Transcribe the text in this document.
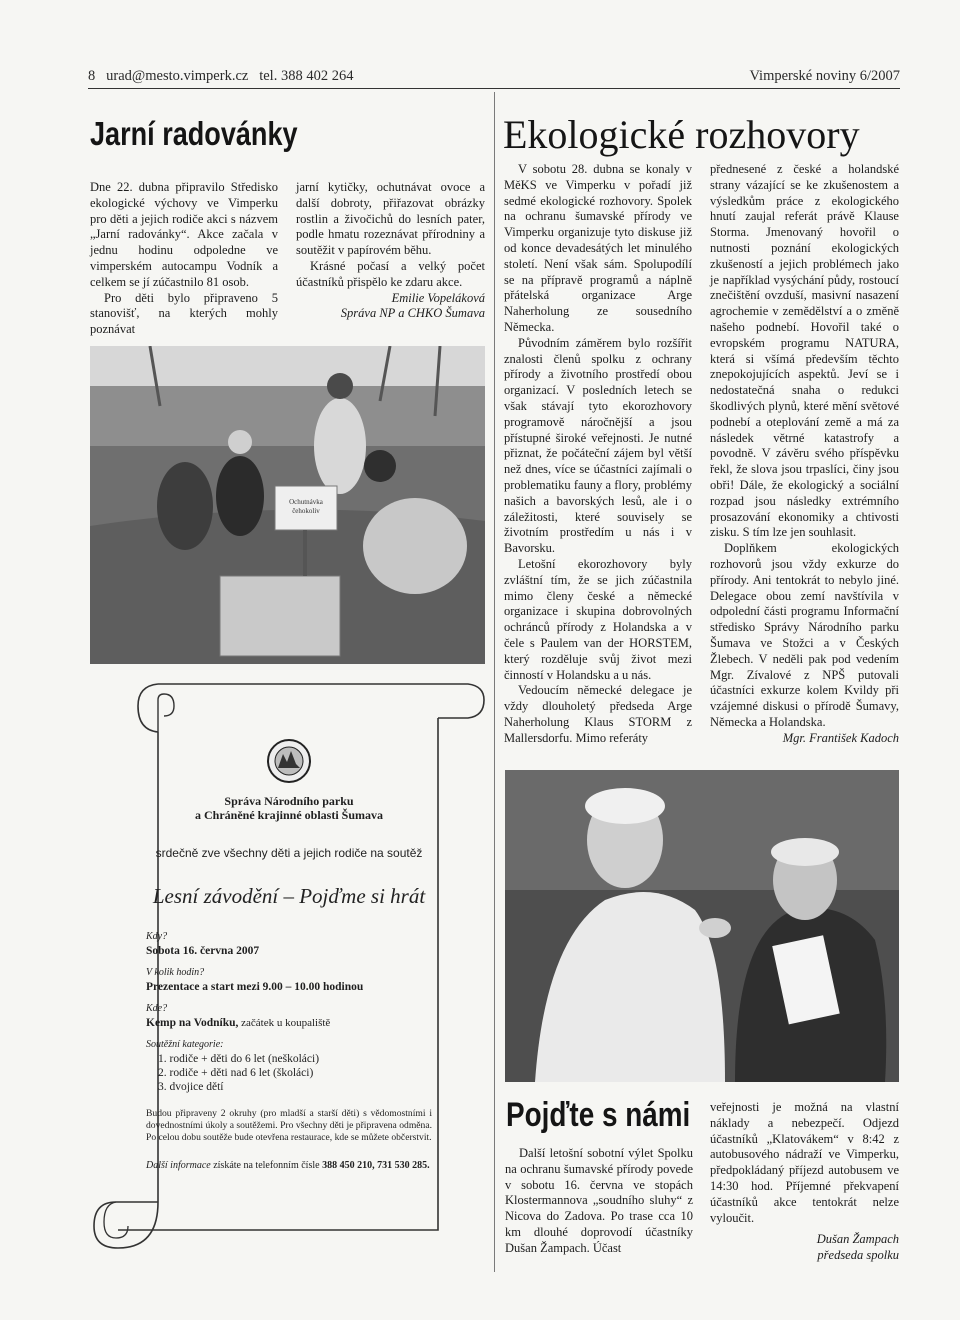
8   urad@mesto.vimperk.cz   tel. 388 402 264	Vimperské noviny 6/2007
Jarní radovánky

Dne 22. dubna připravilo Středisko ekologické výchovy ve Vimperku pro děti a jejich rodiče akci s názvem „Jarní radovánky“. Akce začala v jednu hodinu odpoledne ve vimperském autocampu Vodník a celkem se jí zúčastnilo 81 osob.

Pro děti bylo připraveno 5 stanovišť, na kterých mohly poznávat

jarní kytičky, ochutnávat ovoce a další dobroty, přiřazovat obrázky rostlin a živočichů do lesních pater, podle hmatu rozeznávat přírodniny a soutěžit v papírovém běhu.

Krásné počasí a velký počet účastníků přispělo ke zdaru akce.

Emilie Vopeláková

Správa NP a CHKO Šumava

Ochutnávka
čehokoliv
Správa Národního parku
a Chráněné krajinné oblasti Šumava
srdečně zve všechny děti a jejich rodiče na soutěž
Lesní závodění – Pojďme si hrát
Kdy?
Sobota 16. června 2007
V kolik hodin?
Prezentace a start mezi 9.00 – 10.00 hodinou
Kde?
Kemp na Vodníku, začátek u koupaliště
Soutěžní kategorie:
1. rodiče + děti do 6 let (neškoláci)
2. rodiče + děti nad 6 let (školáci)
3. dvojice dětí
Budou připraveny 2 okruhy (pro mladší a starší děti) s vědomostními i dovednostními úkoly a soutěžemi. Pro všechny děti je připravena odměna. Po celou dobu soutěže bude otevřena restaurace, kde se můžete občerstvit.
Další informace získáte na telefonním čísle 388 450 210, 731 530 285.
Ekologické rozhovory

V sobotu 28. dubna se konaly v MěKS ve Vimperku v pořadí již sedmé ekologické rozhovory. Spolek na ochranu šumavské přírody ve Vimperku organizuje tyto diskuse již od konce devadesátých let minulého století. Není však sám. Spolupodílí se na přípravě programů a náplně přátelská organizace Arge Naherholung ze sousedního Německa.

Původním záměrem bylo rozšířit znalosti členů spolku z ochrany přírody a životního prostředí obou organizací. V posledních letech se však stávají tyto ekorozhovory programově náročnější a jsou přístupné široké veřejnosti. Je nutné přiznat, že počáteční zájem byl větší než dnes, více se účastníci zajímali o problematiku fauny a flory, problémy našich a bavorských lesů, ale i o záležitosti, které souvisely se životním prostředím u nás i v Bavorsku.

Letošní ekorozhovory byly zvláštní tím, že se jich zúčastnila mimo členy české a německé organizace i skupina dobrovolných ochránců přírody z Holandska a v čele s Paulem van der HORSTEM, který rozděluje svůj život mezi činností v Holandsku a u nás.

Vedoucím německé delegace je vždy dlouholetý předseda Arge Naherholung Klaus STORM z Mallersdorfu. Mimo referáty

přednesené z české a holandské strany vázající se ke zkušenostem a výsledkům práce z ekologického hnutí zaujal referát právě Klause Storma. Jmenovaný hovořil o nutnosti poznání ekologických zkušeností a jejich problémech jako je například vysýchání půdy, rostoucí znečištění ovzduší, masivní nasazení agrochemie v zemědělství a o změně našeho podnebí. Hovořil také o evropském programu NATURA, která si všímá především těchto znepokojujících aspektů. Jeví se i nedostatečná snaha o redukci škodlivých plynů, které mění světové podnebí a oteplování země a má za následek větrné katastrofy a povodně. V závěru svého příspěvku řekl, že slova jsou trpaslíci, činy jsou obři! Dále, že ekologický a sociální rozpad jsou následky extrémního prosazování ekonomiky a chtivosti zisku. S tím lze jen souhlasit.

Doplňkem ekologických rozhovorů jsou vždy exkurze do přírody. Ani tentokrát to nebylo jiné. Delegace obou zemí navštívila v odpolední části programu Informační středisko Správy Národního parku Šumava ve Stožci a v Českých Žlebech. V neděli pak pod vedením Mgr. Zívalové z NPŠ putovali účastníci exkurze kolem Kvildy při vzájemné diskusi o přírodě Šumavy, Německa a Holandska.

Mgr. František Kadoch

Pojďte s námi

Další letošní sobotní výlet Spolku na ochranu šumavské přírody povede v sobotu 16. června ve stopách Klostermannova „soudního sluhy“ z Nicova do Zadova. Po trase cca 10 km dlouhé doprovodí účastníky Dušan Žampach. Účast

veřejnosti je možná na vlastní náklady a nebezpečí. Odjezd účastníků „Klatovákem“ v 8:42 z autobusového nádraží ve Vimperku, předpokládaný příjezd autobusem ve 14:30 hod. Příjemné překvapení účastníků akce tentokrát nelze vyloučit.

Dušan Žampach

předseda spolku
